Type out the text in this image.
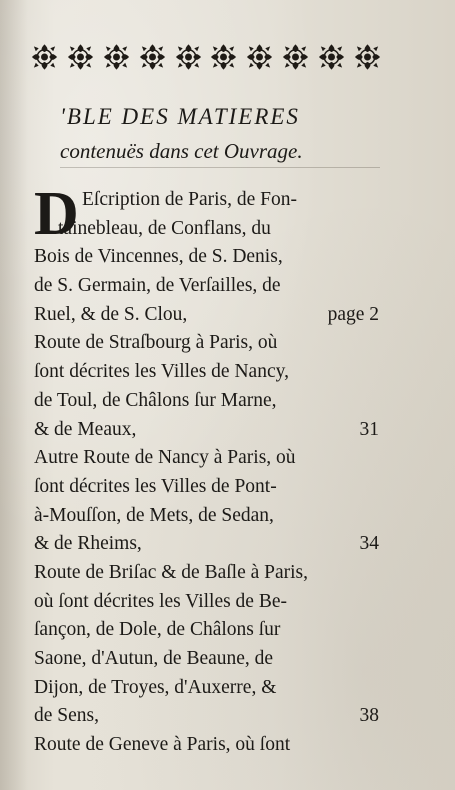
'BLE DES MATIERES
contenuës dans cet Ouvrage.
D Eſcription de Paris, de Fon-
tainebleau, de Conflans, du
Bois de Vincennes, de S. Denis,
de S. Germain, de Verſailles, de
Ruel, & de S. Clou,	page 2
Route de Straſbourg à Paris, où
ſont décrites les Villes de Nancy,
de Toul, de Châlons ſur Marne,
& de Meaux,	31
Autre Route de Nancy à Paris, où
ſont décrites les Villes de Pont-
à-Mouſſon, de Mets, de Sedan,
& de Rheims,	34
Route de Briſac & de Baſle à Paris,
où ſont décrites les Villes de Be-
ſançon, de Dole, de Châlons ſur
Saone, d'Autun, de Beaune, de
Dijon, de Troyes, d'Auxerre, &
de Sens,	38
Route de Geneve à Paris, où ſont
